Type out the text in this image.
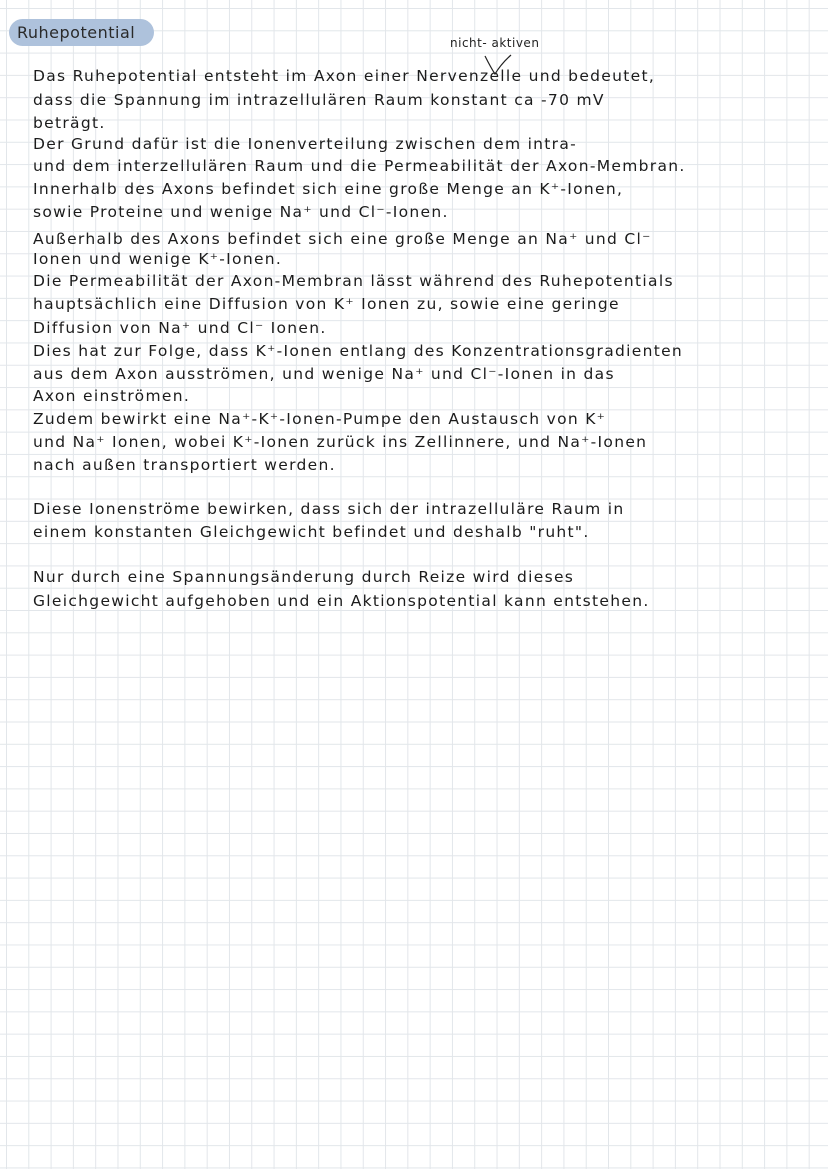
Ruhepotential
nicht- aktiven
Das Ruhepotential entsteht im Axon einer Nervenzelle und bedeutet,
dass die Spannung im intrazellulären Raum konstant ca -70 mV
beträgt.
Der Grund dafür ist die Ionenverteilung zwischen dem intra-
und dem interzellulären Raum und die Permeabilität der Axon-Membran.
Innerhalb des Axons befindet sich eine große Menge an K⁺-Ionen,
sowie Proteine und wenige Na⁺ und Cl⁻-Ionen.
Außerhalb des Axons befindet sich eine große Menge an Na⁺ und Cl⁻
Ionen und wenige K⁺-Ionen.
Die Permeabilität der Axon-Membran lässt während des Ruhepotentials
hauptsächlich eine Diffusion von K⁺ Ionen zu, sowie eine geringe
Diffusion von Na⁺ und Cl⁻ Ionen.
Dies hat zur Folge, dass K⁺-Ionen entlang des Konzentrationsgradienten
aus dem Axon ausströmen, und wenige Na⁺ und Cl⁻-Ionen in das
Axon einströmen.
Zudem bewirkt eine Na⁺-K⁺-Ionen-Pumpe den Austausch von K⁺
und Na⁺ Ionen, wobei K⁺-Ionen zurück ins Zellinnere, und Na⁺-Ionen
nach außen transportiert werden.
Diese Ionenströme bewirken, dass sich der intrazelluläre Raum in
einem konstanten Gleichgewicht befindet und deshalb "ruht".
Nur durch eine Spannungsänderung durch Reize wird dieses
Gleichgewicht aufgehoben und ein Aktionspotential kann entstehen.
